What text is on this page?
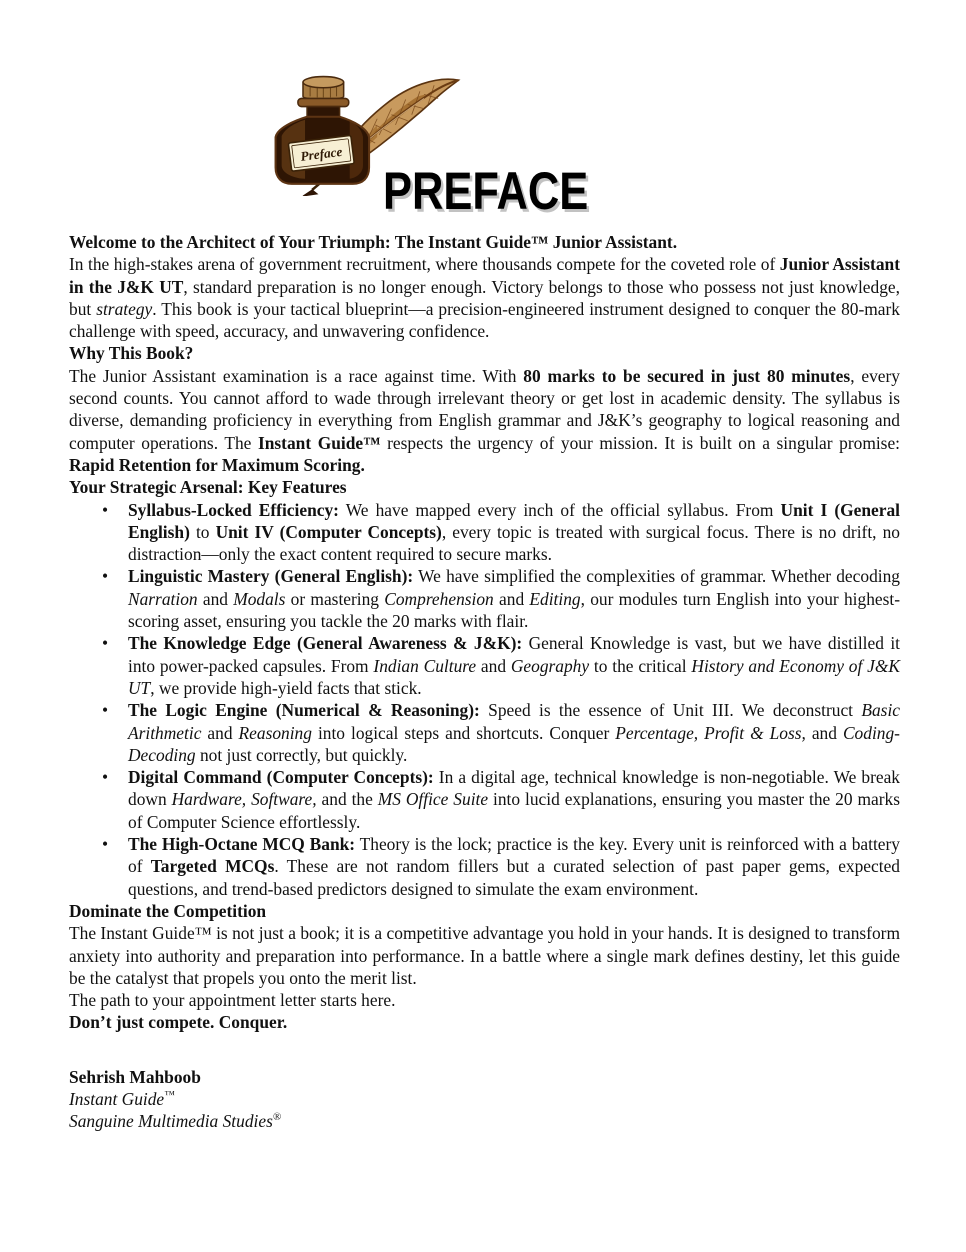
Preface
PREFACE

Welcome to the Architect of Your Triumph: The Instant Guide™ Junior Assistant.

In the high-stakes arena of government recruitment, where thousands compete for the coveted role of Junior Assistant in the J&K UT, standard preparation is no longer enough. Victory belongs to those who possess not just knowledge, but strategy. This book is your tactical blueprint—a precision-engineered instrument designed to conquer the 80-mark challenge with speed, accuracy, and unwavering confidence.

Why This Book?

The Junior Assistant examination is a race against time. With 80 marks to be secured in just 80 minutes, every second counts. You cannot afford to wade through irrelevant theory or get lost in academic density. The syllabus is diverse, demanding proficiency in everything from English grammar and J&K’s geography to logical reasoning and computer operations. The Instant Guide™ respects the urgency of your mission. It is built on a singular promise: Rapid Retention for Maximum Scoring.

Your Strategic Arsenal: Key Features

• Syllabus-Locked Efficiency: We have mapped every inch of the official syllabus. From Unit I (General English) to Unit IV (Computer Concepts), every topic is treated with surgical focus. There is no drift, no distraction—only the exact content required to secure marks.
• Linguistic Mastery (General English): We have simplified the complexities of grammar. Whether decoding Narration and Modals or mastering Comprehension and Editing, our modules turn English into your highest-scoring asset, ensuring you tackle the 20 marks with flair.
• The Knowledge Edge (General Awareness & J&K): General Knowledge is vast, but we have distilled it into power-packed capsules. From Indian Culture and Geography to the critical History and Economy of J&K UT, we provide high-yield facts that stick.
• The Logic Engine (Numerical & Reasoning): Speed is the essence of Unit III. We deconstruct Basic Arithmetic and Reasoning into logical steps and shortcuts. Conquer Percentage, Profit & Loss, and Coding-Decoding not just correctly, but quickly.
• Digital Command (Computer Concepts): In a digital age, technical knowledge is non-negotiable. We break down Hardware, Software, and the MS Office Suite into lucid explanations, ensuring you master the 20 marks of Computer Science effortlessly.
• The High-Octane MCQ Bank: Theory is the lock; practice is the key. Every unit is reinforced with a battery of Targeted MCQs. These are not random fillers but a curated selection of past paper gems, expected questions, and trend-based predictors designed to simulate the exam environment.

Dominate the Competition

The Instant Guide™ is not just a book; it is a competitive advantage you hold in your hands. It is designed to transform anxiety into authority and preparation into performance. In a battle where a single mark defines destiny, let this guide be the catalyst that propels you onto the merit list.

The path to your appointment letter starts here.

Don’t just compete. Conquer.

Sehrish Mahboob
Instant Guide™
Sanguine Multimedia Studies®
